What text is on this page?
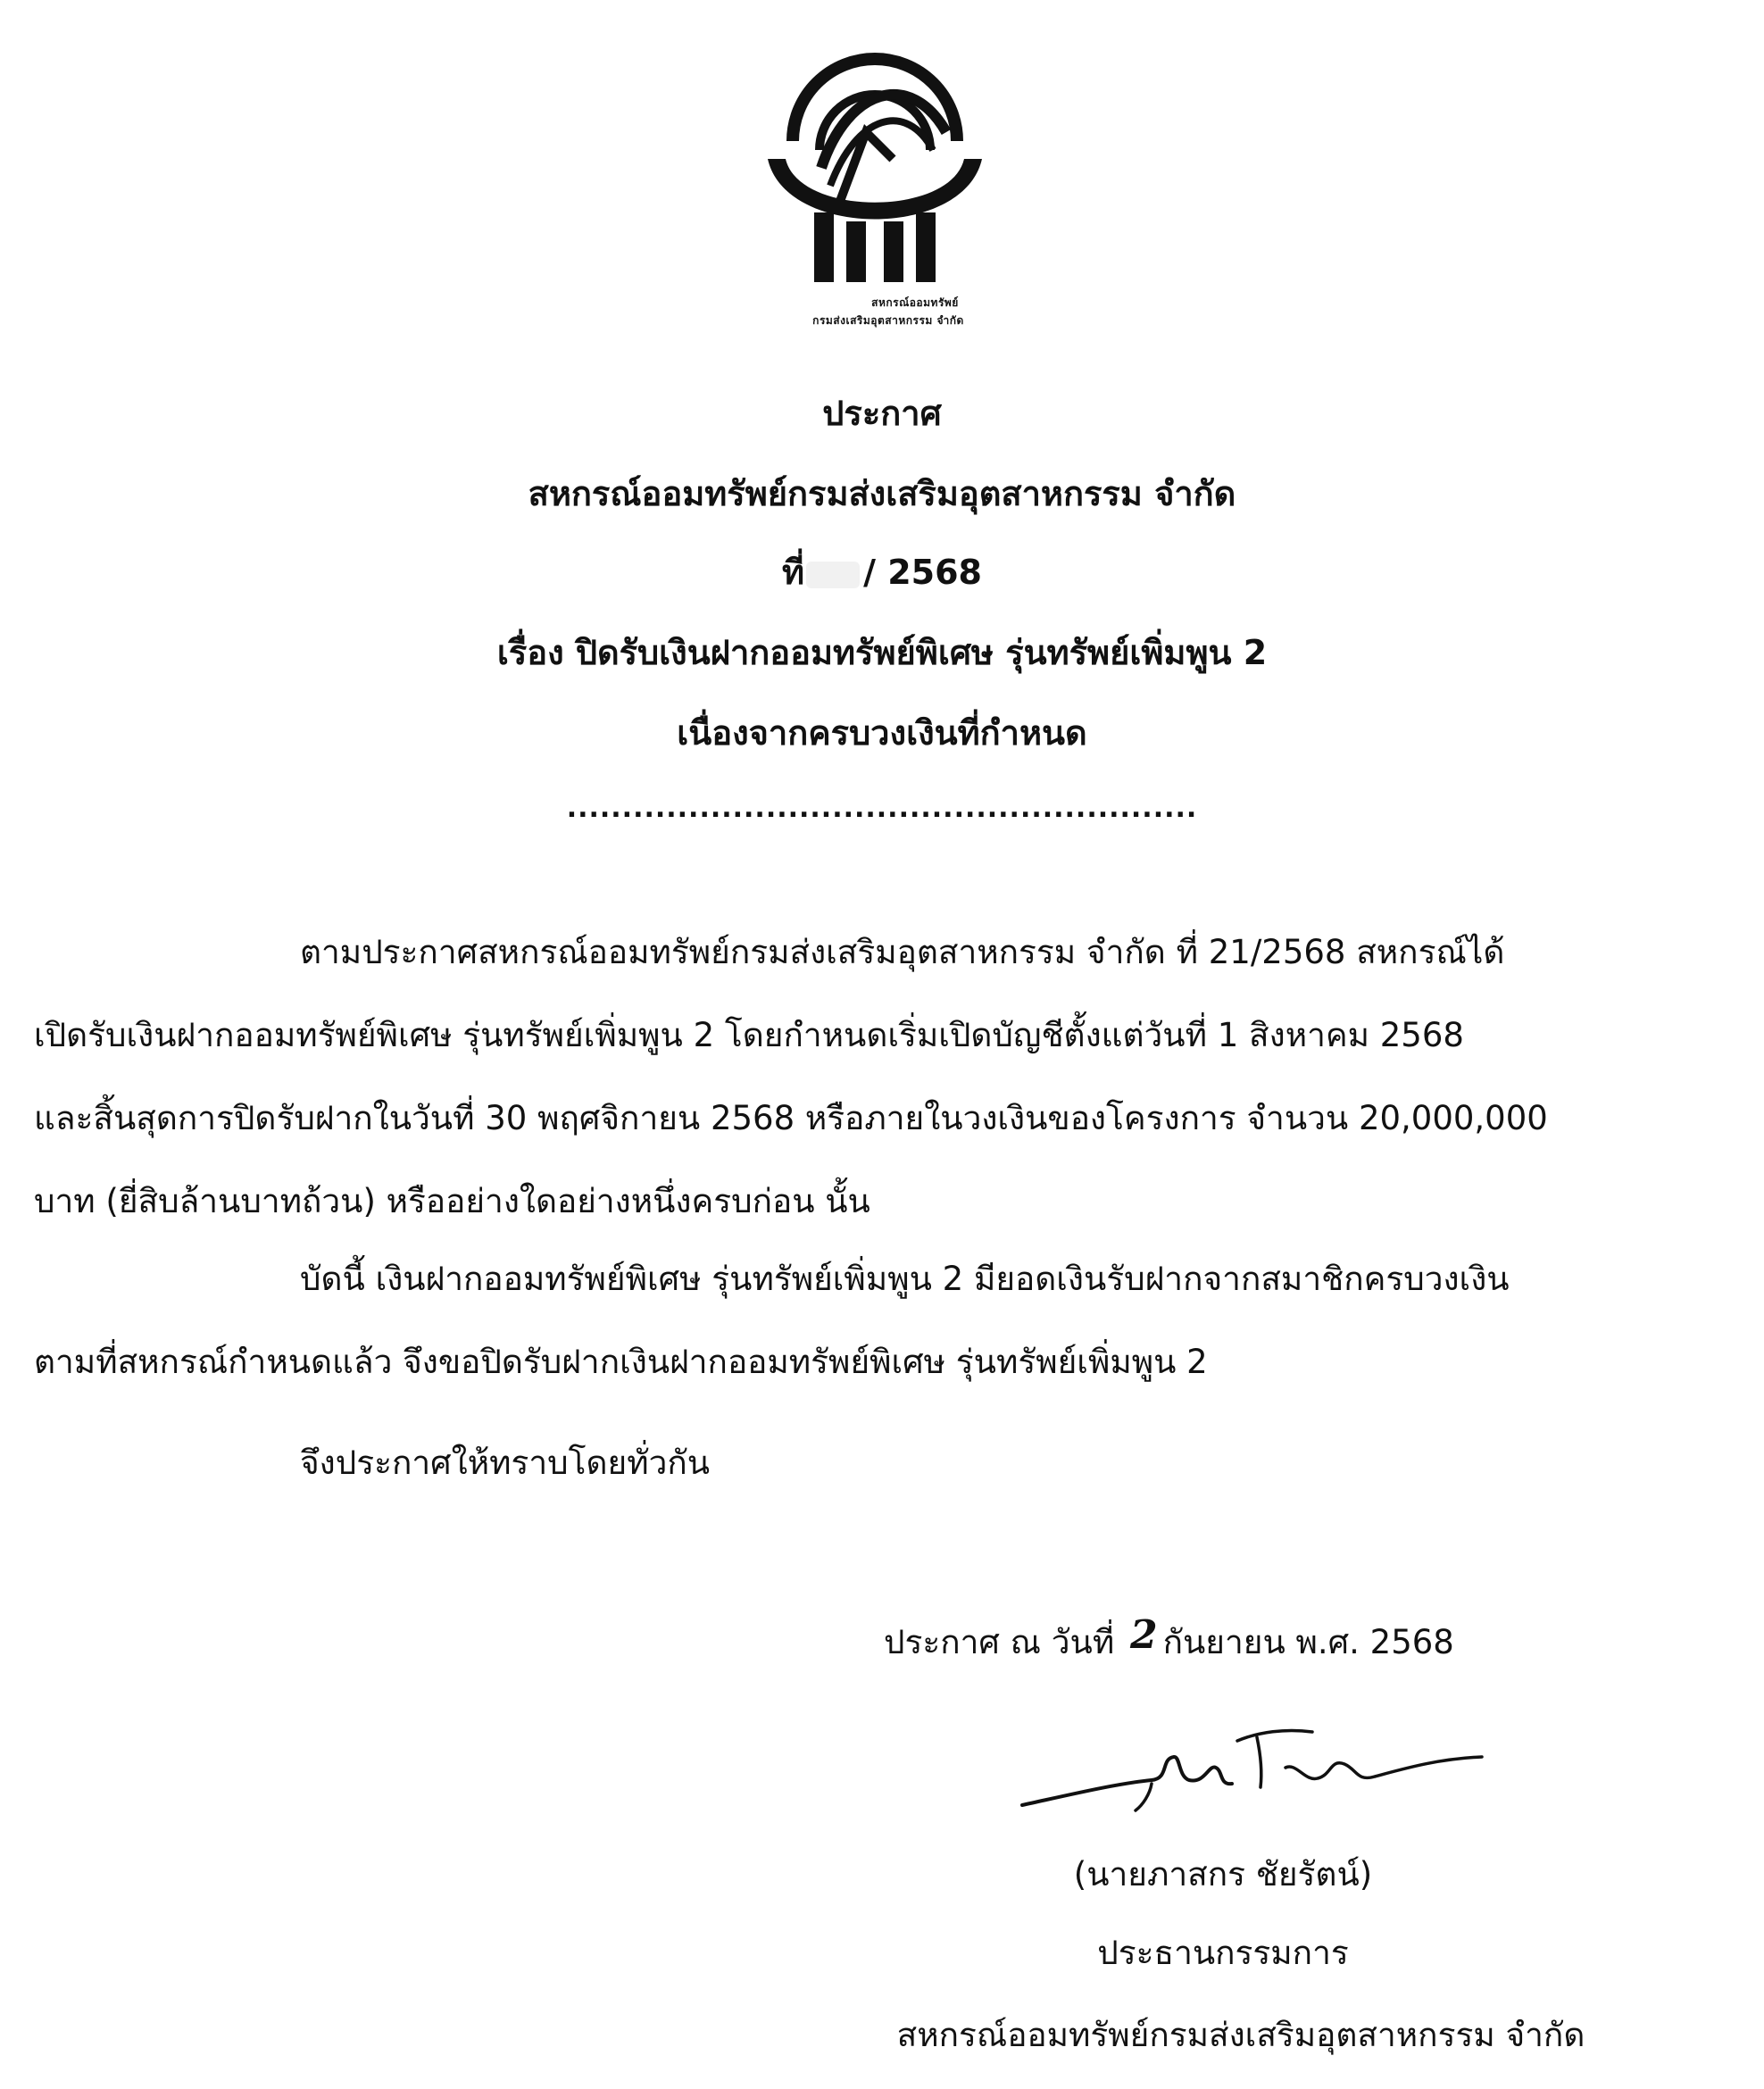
สหกรณ์ออมทรัพย์
กรมส่งเสริมอุตสาหกรรม จำกัด
ประกาศ
สหกรณ์ออมทรัพย์กรมส่งเสริมอุตสาหกรรม จำกัด
ที่ / 2568
เรื่อง ปิดรับเงินฝากออมทรัพย์พิเศษ รุ่นทรัพย์เพิ่มพูน 2
เนื่องจากครบวงเงินที่กำหนด
.........................................................
ตามประกาศสหกรณ์ออมทรัพย์กรมส่งเสริมอุตสาหกรรม จำกัด ที่ 21/2568 สหกรณ์ได้
เปิดรับเงินฝากออมทรัพย์พิเศษ รุ่นทรัพย์เพิ่มพูน 2 โดยกำหนดเริ่มเปิดบัญชีตั้งแต่วันที่ 1 สิงหาคม 2568
และสิ้นสุดการปิดรับฝากในวันที่ 30 พฤศจิกายน 2568 หรือภายในวงเงินของโครงการ จำนวน 20,000,000
บาท (ยี่สิบล้านบาทถ้วน) หรืออย่างใดอย่างหนึ่งครบก่อน นั้น
บัดนี้ เงินฝากออมทรัพย์พิเศษ รุ่นทรัพย์เพิ่มพูน 2 มียอดเงินรับฝากจากสมาชิกครบวงเงิน
ตามที่สหกรณ์กำหนดแล้ว จึงขอปิดรับฝากเงินฝากออมทรัพย์พิเศษ รุ่นทรัพย์เพิ่มพูน 2
จึงประกาศให้ทราบโดยทั่วกัน
ประกาศ ณ วันที่ 2 กันยายน พ.ศ. 2568
(นายภาสกร ชัยรัตน์)
ประธานกรรมการ
สหกรณ์ออมทรัพย์กรมส่งเสริมอุตสาหกรรม จำกัด
